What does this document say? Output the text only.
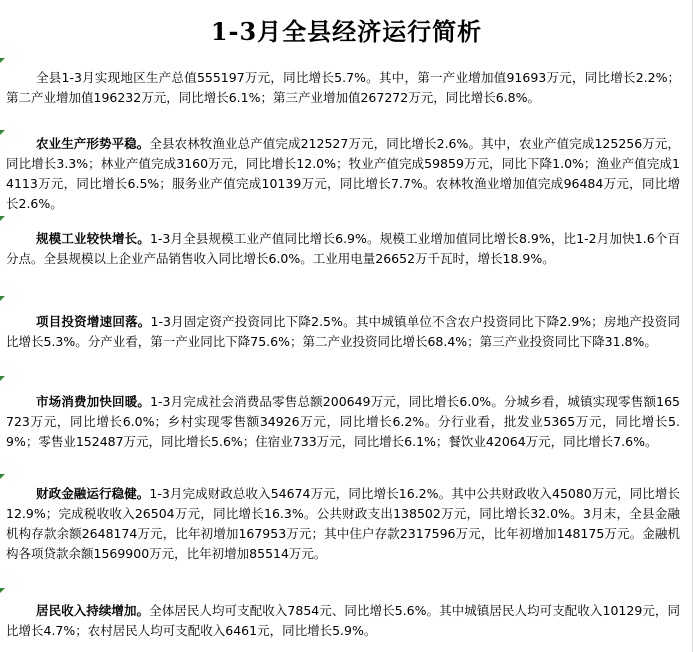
1-3月全县经济运行简析
全县1-3月实现地区生产总值555197万元，同比增长5.7%。其中，第一产业增加值91693万元，同比增长2.2%；第二产业增加值196232万元，同比增长6.1%；第三产业增加值267272万元，同比增长6.8%。
农业生产形势平稳。全县农林牧渔业总产值完成212527万元，同比增长2.6%。其中，农业产值完成125256万元，同比增长3.3%；林业产值完成3160万元，同比增长12.0%；牧业产值完成59859万元，同比下降1.0%；渔业产值完成14113万元，同比增长6.5%；服务业产值完成10139万元，同比增长7.7%。农林牧渔业增加值完成96484万元，同比增长2.6%。
规模工业较快增长。1-3月全县规模工业产值同比增长6.9%。规模工业增加值同比增长8.9%，比1-2月加快1.6个百分点。全县规模以上企业产品销售收入同比增长6.0%。工业用电量26652万千瓦时，增长18.9%。
项目投资增速回落。1-3月固定资产投资同比下降2.5%。其中城镇单位不含农户投资同比下降2.9%；房地产投资同比增长5.3%。分产业看，第一产业同比下降75.6%；第二产业投资同比增长68.4%；第三产业投资同比下降31.8%。
市场消费加快回暖。1-3月完成社会消费品零售总额200649万元，同比增长6.0%。分城乡看，城镇实现零售额165723万元，同比增长6.0%；乡村实现零售额34926万元，同比增长6.2%。分行业看，批发业5365万元，同比增长5.9%；零售业152487万元，同比增长5.6%；住宿业733万元，同比增长6.1%；餐饮业42064万元，同比增长7.6%。
财政金融运行稳健。1-3月完成财政总收入54674万元，同比增长16.2%。其中公共财政收入45080万元，同比增长12.9%；完成税收收入26504万元，同比增长16.3%。公共财政支出138502万元，同比增长32.0%。3月末，全县金融机构存款余额2648174万元，比年初增加167953万元；其中住户存款2317596万元，比年初增加148175万元。金融机构各项贷款余额1569900万元，比年初增加85514万元。
居民收入持续增加。全体居民人均可支配收入7854元、同比增长5.6%。其中城镇居民人均可支配收入10129元，同比增长4.7%；农村居民人均可支配收入6461元，同比增长5.9%。
